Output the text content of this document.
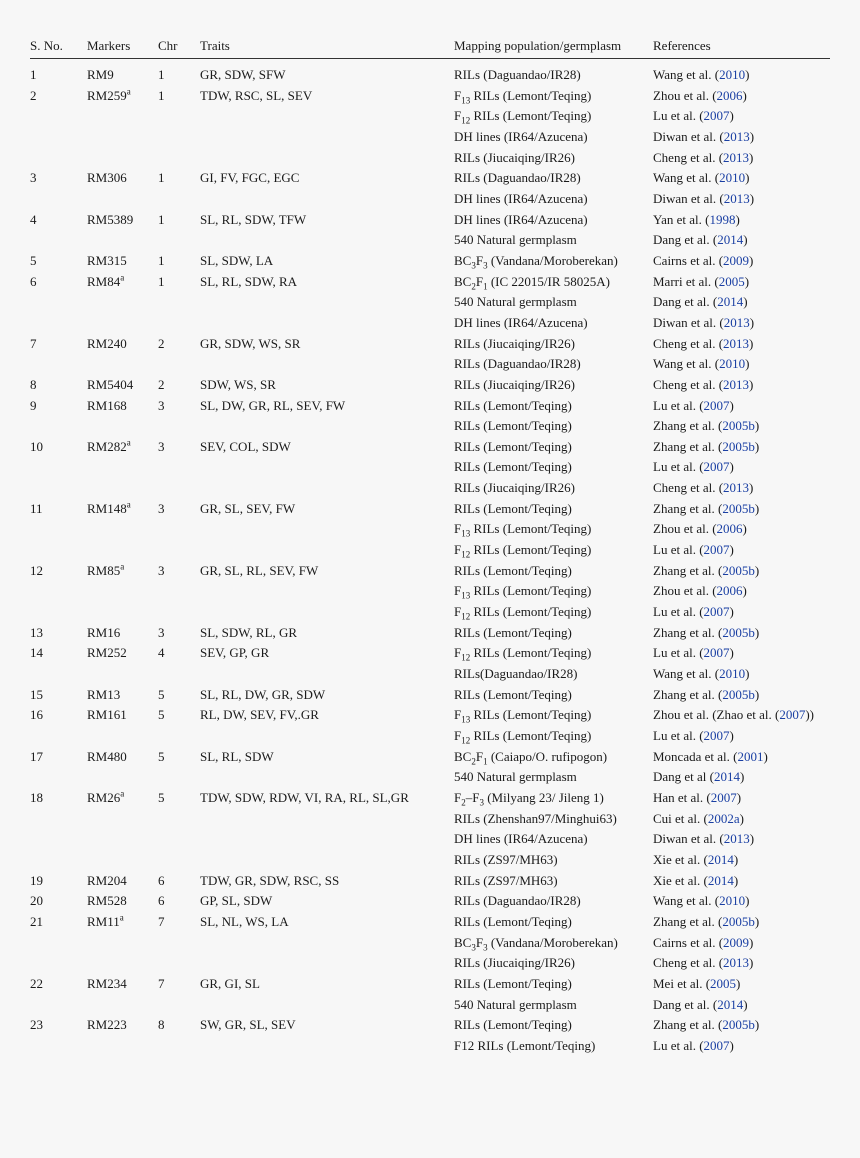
S. No.	Markers	Chr	Traits	Mapping population/germplasm	References
1	RM9	1	GR, SDW, SFW	RILs (Daguandao/IR28)	Wang et al. (2010)
2	RM259$^a$	1	TDW, RSC, SL, SEV	$F_{13}$ RILs (Lemont/Teqing)	Zhou et al. (2006)
				$F_{12}$ RILs (Lemont/Teqing)	Lu et al. (2007)
				DH lines (IR64/Azucena)	Diwan et al. (2013)
				RILs (Jiucaiqing/IR26)	Cheng et al. (2013)
3	RM306	1	GI, FV, FGC, EGC	RILs (Daguandao/IR28)	Wang et al. (2010)
				DH lines (IR64/Azucena)	Diwan et al. (2013)
4	RM5389	1	SL, RL, SDW, TFW	DH lines (IR64/Azucena)	Yan et al. (1998)
				540 Natural germplasm	Dang et al. (2014)
5	RM315	1	SL, SDW, LA	$BC_3F_3$ (Vandana/Moroberekan)	Cairns et al. (2009)
6	RM84$^a$	1	SL, RL, SDW, RA	$BC_2F_1$ (IC 22015/IR 58025A)	Marri et al. (2005)
				540 Natural germplasm	Dang et al. (2014)
				DH lines (IR64/Azucena)	Diwan et al. (2013)
7	RM240	2	GR, SDW, WS, SR	RILs (Jiucaiqing/IR26)	Cheng et al. (2013)
				RILs (Daguandao/IR28)	Wang et al. (2010)
8	RM5404	2	SDW, WS, SR	RILs (Jiucaiqing/IR26)	Cheng et al. (2013)
9	RM168	3	SL, DW, GR, RL, SEV, FW	RILs (Lemont/Teqing)	Lu et al. (2007)
				RILs (Lemont/Teqing)	Zhang et al. (2005b)
10	RM282$^a$	3	SEV, COL, SDW	RILs (Lemont/Teqing)	Zhang et al. (2005b)
				RILs (Lemont/Teqing)	Lu et al. (2007)
				RILs (Jiucaiqing/IR26)	Cheng et al. (2013)
11	RM148$^a$	3	GR, SL, SEV, FW	RILs (Lemont/Teqing)	Zhang et al. (2005b)
				$F_{13}$ RILs (Lemont/Teqing)	Zhou et al. (2006)
				$F_{12}$ RILs (Lemont/Teqing)	Lu et al. (2007)
12	RM85$^a$	3	GR, SL, RL, SEV, FW	RILs (Lemont/Teqing)	Zhang et al. (2005b)
				$F_{13}$ RILs (Lemont/Teqing)	Zhou et al. (2006)
				$F_{12}$ RILs (Lemont/Teqing)	Lu et al. (2007)
13	RM16	3	SL, SDW, RL, GR	RILs (Lemont/Teqing)	Zhang et al. (2005b)
14	RM252	4	SEV, GP, GR	$F_{12}$ RILs (Lemont/Teqing)	Lu et al. (2007)
				RILs(Daguandao/IR28)	Wang et al. (2010)
15	RM13	5	SL, RL, DW, GR, SDW	RILs (Lemont/Teqing)	Zhang et al. (2005b)
16	RM161	5	RL, DW, SEV, FV,.GR	$F_{13}$ RILs (Lemont/Teqing)	Zhou et al. (Zhao et al. (2007))
				$F_{12}$ RILs (Lemont/Teqing)	Lu et al. (2007)
17	RM480	5	SL, RL, SDW	$BC_2F_1$ (Caiapo/O. rufipogon)	Moncada et al. (2001)
				540 Natural germplasm	Dang et al (2014)
18	RM26$^a$	5	TDW, SDW, RDW, VI, RA, RL, SL,GR	$F_2-F_3$ (Milyang 23/ Jileng 1)	Han et al. (2007)
				RILs (Zhenshan97/Minghui63)	Cui et al. (2002a)
				DH lines (IR64/Azucena)	Diwan et al. (2013)
				RILs (ZS97/MH63)	Xie et al. (2014)
19	RM204	6	TDW, GR, SDW, RSC, SS	RILs (ZS97/MH63)	Xie et al. (2014)
20	RM528	6	GP, SL, SDW	RILs (Daguandao/IR28)	Wang et al. (2010)
21	RM11$^a$	7	SL, NL, WS, LA	RILs (Lemont/Teqing)	Zhang et al. (2005b)
				$BC_3F_3$ (Vandana/Moroberekan)	Cairns et al. (2009)
				RILs (Jiucaiqing/IR26)	Cheng et al. (2013)
22	RM234	7	GR, GI, SL	RILs (Lemont/Teqing)	Mei et al. (2005)
				540 Natural germplasm	Dang et al. (2014)
23	RM223	8	SW, GR, SL, SEV	RILs (Lemont/Teqing)	Zhang et al. (2005b)
				F12 RILs (Lemont/Teqing)	Lu et al. (2007)
